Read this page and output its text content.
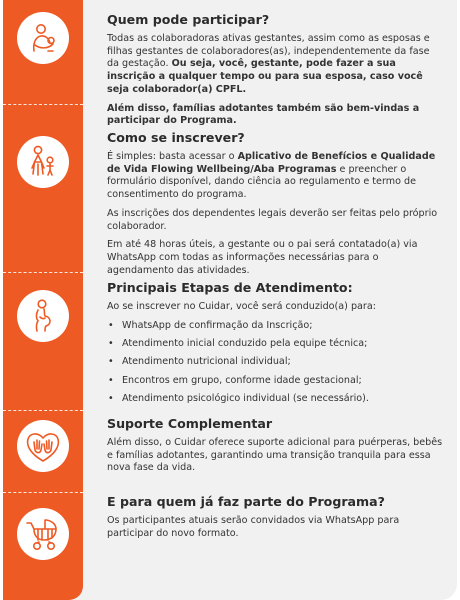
Quem pode participar?

Todas as colaboradoras ativas gestantes, assim como as esposas e filhas gestantes de colaboradores(as), independentemente da fase da gestação. Ou seja, você, gestante, pode fazer a sua inscrição a qualquer tempo ou para sua esposa, caso você seja colaborador(a) CPFL.

Além disso, famílias adotantes também são bem-vindas a participar do Programa.

Como se inscrever?

É simples: basta acessar o Aplicativo de Benefícios e Qualidade de Vida Flowing Wellbeing/Aba Programas e preencher o formulário disponível, dando ciência ao regulamento e termo de consentimento do programa.

As inscrições dos dependentes legais deverão ser feitas pelo próprio colaborador.

Em até 48 horas úteis, a gestante ou o pai será contatado(a) via WhatsApp com todas as informações necessárias para o agendamento das atividades.

Principais Etapas de Atendimento:

Ao se inscrever no Cuidar, você será conduzido(a) para:

• WhatsApp de confirmação da Inscrição;
• Atendimento inicial conduzido pela equipe técnica;
• Atendimento nutricional individual;
• Encontros em grupo, conforme idade gestacional;
• Atendimento psicológico individual (se necessário).
Suporte Complementar

Além disso, o Cuidar oferece suporte adicional para puérperas, bebês e famílias adotantes, garantindo uma transição tranquila para essa nova fase da vida.

E para quem já faz parte do Programa?

Os participantes atuais serão convidados via WhatsApp para participar do novo formato.
